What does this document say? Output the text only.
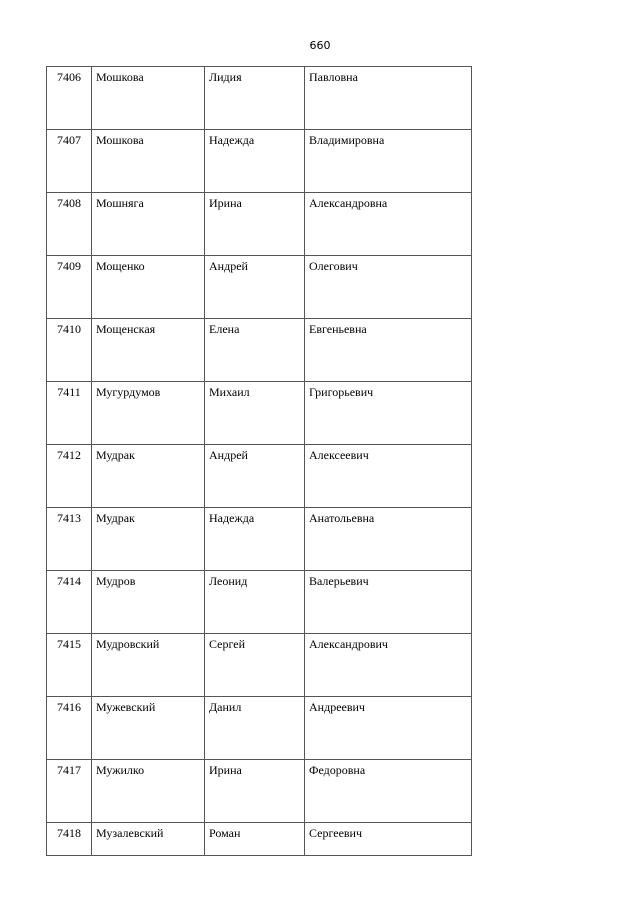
660
7406	Мошкова	Лидия	Павловна
7407	Мошкова	Надежда	Владимировна
7408	Мошняга	Ирина	Александровна
7409	Мощенко	Андрей	Олегович
7410	Мощенская	Елена	Евгеньевна
7411	Мугурдумов	Михаил	Григорьевич
7412	Мудрак	Андрей	Алексеевич
7413	Мудрак	Надежда	Анатольевна
7414	Мудров	Леонид	Валерьевич
7415	Мудровский	Сергей	Александрович
7416	Мужевский	Данил	Андреевич
7417	Мужилко	Ирина	Федоровна
7418	Музалевский	Роман	Сергеевич
